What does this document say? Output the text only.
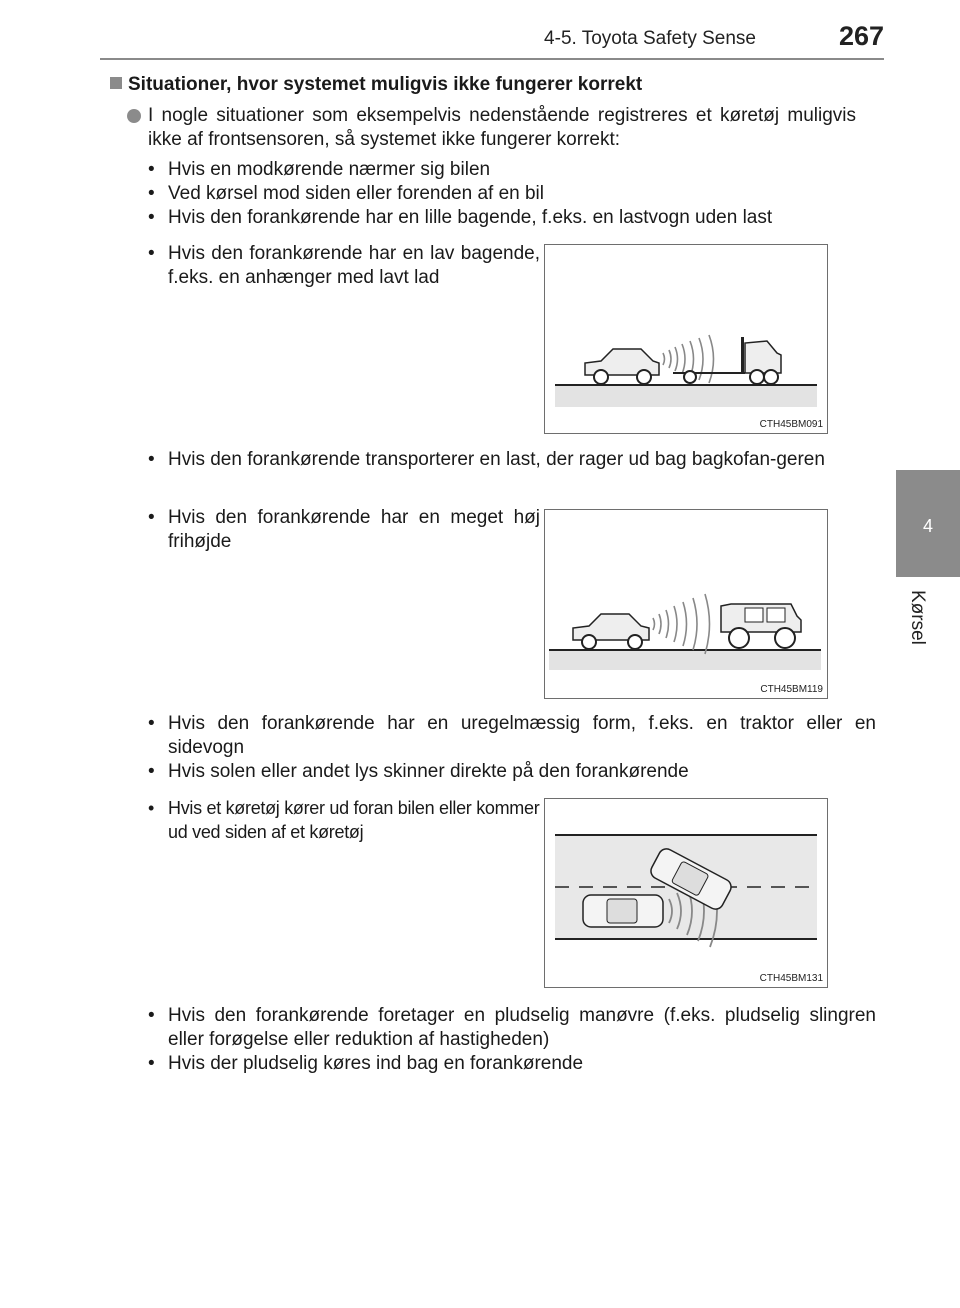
4-5. Toyota Safety Sense	267
4
Kørsel
Situationer, hvor systemet muligvis ikke fungerer korrekt
I nogle situationer som eksempelvis nedenstående registreres et køretøj muligvis ikke af frontsensoren, så systemet ikke fungerer korrekt:
• Hvis en modkørende nærmer sig bilen
• Ved kørsel mod siden eller forenden af en bil
• Hvis den forankørende har en lille bagende, f.eks. en lastvogn uden last
• Hvis den forankørende har en lav bagende, f.eks. en anhænger med lavt lad
• Hvis den forankørende transporterer en last, der rager ud bag bagkofan-geren
• Hvis den forankørende har en meget høj frihøjde
• Hvis den forankørende har en uregelmæssig form, f.eks. en traktor eller en sidevogn
• Hvis solen eller andet lys skinner direkte på den forankørende
• Hvis et køretøj kører ud foran bilen eller kommer ud ved siden af et køretøj
• Hvis den forankørende foretager en pludselig manøvre (f.eks. pludselig slingren eller forøgelse eller reduktion af hastigheden)
• Hvis der pludselig køres ind bag en forankørende
CTH45BM091
CTH45BM119
CTH45BM131
